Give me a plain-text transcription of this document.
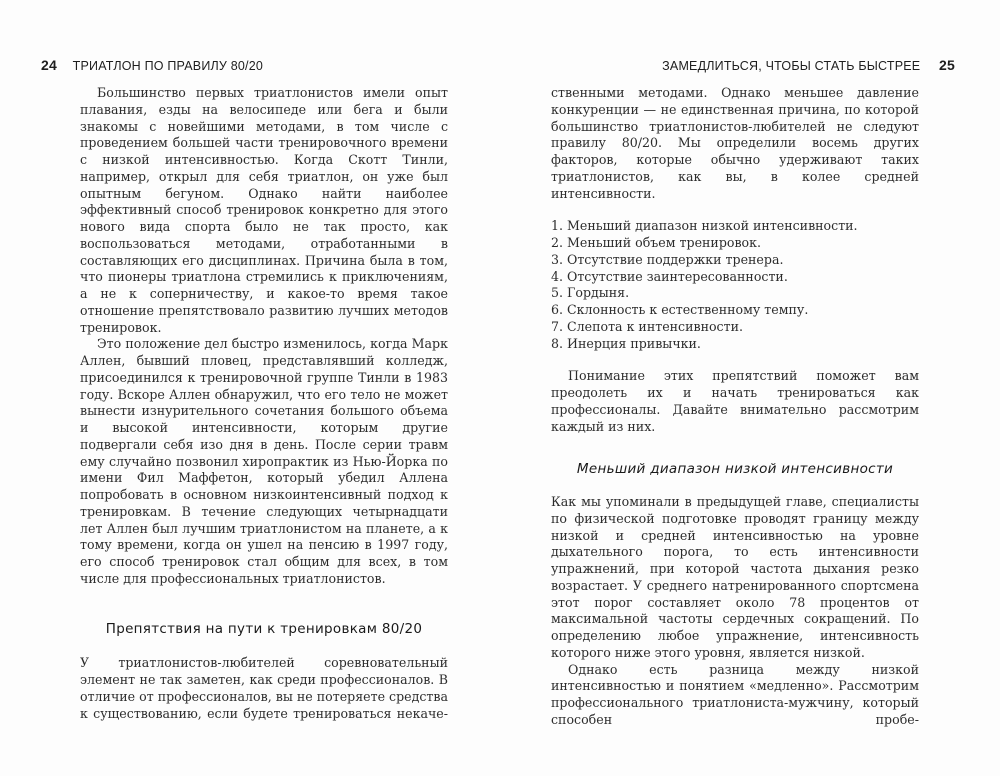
24 ТРИАТЛОН ПО ПРАВИЛУ 80/20

Большинство первых триатлонистов имели опыт плавания, езды на велосипеде или бега и были знакомы с новейшими методами, в том числе с проведением большей части тренировочного времени с низкой интенсивностью. Когда Скотт Тинли, например, открыл для себя триатлон, он уже был опытным бегуном. Однако найти наиболее эффективный способ тренировок конкретно для этого нового вида спорта было не так просто, как воспользоваться методами, отработанными в составляющих его дисциплинах. Причина была в том, что пионеры триатлона стремились к приключениям, а не к соперничеству, и какое-то время такое отношение препятствовало развитию лучших методов тренировок.

Это положение дел быстро изменилось, когда Марк Аллен, бывший пловец, представлявший колледж, присоединился к тренировочной группе Тинли в 1983 году. Вскоре Аллен обнаружил, что его тело не может вынести изнурительного сочетания большого объема и высокой интенсивности, которым другие подвергали себя изо дня в день. После серии травм ему случайно позвонил хиропрактик из Нью-Йорка по имени Фил Маффетон, который убедил Аллена попробовать в основном низкоинтенсивный подход к тренировкам. В течение следующих четырнадцати лет Аллен был лучшим триатлонистом на планете, а к тому времени, когда он ушел на пенсию в 1997 году, его способ тренировок стал общим для всех, в том числе для профессиональных триатлонистов.

Препятствия на пути к тренировкам 80/20

У триатлонистов-любителей соревновательный элемент не так заметен, как среди профессионалов. В отличие от профессионалов, вы не потеряете средства к существованию, если будете тренироваться некаче-

ЗАМЕДЛИТЬСЯ, ЧТОБЫ СТАТЬ БЫСТРЕЕ 25

ственными методами. Однако меньшее давление конкуренции — не единственная причина, по которой большинство триатлонистов-любителей не следуют правилу 80/20. Мы определили восемь других факторов, которые обычно удерживают таких триатлонистов, как вы, в колее средней интенсивности.

1. Меньший диапазон низкой интенсивности.
2. Меньший объем тренировок.
3. Отсутствие поддержки тренера.
4. Отсутствие заинтересованности.
5. Гордыня.
6. Склонность к естественному темпу.
7. Слепота к интенсивности.
8. Инерция привычки.

Понимание этих препятствий поможет вам преодолеть их и начать тренироваться как профессионалы. Давайте внимательно рассмотрим каждый из них.

Меньший диапазон низкой интенсивности

Как мы упоминали в предыдущей главе, специалисты по физической подготовке проводят границу между низкой и средней интенсивностью на уровне дыхательного порога, то есть интенсивности упражнений, при которой частота дыхания резко возрастает. У среднего натренированного спортсмена этот порог составляет около 78 процентов от максимальной частоты сердечных сокращений. По определению любое упражнение, интенсивность которого ниже этого уровня, является низкой.

Однако есть разница между низкой интенсивностью и понятием «медленно». Рассмотрим профессионального триатлониста-мужчину, который способен пробе-
